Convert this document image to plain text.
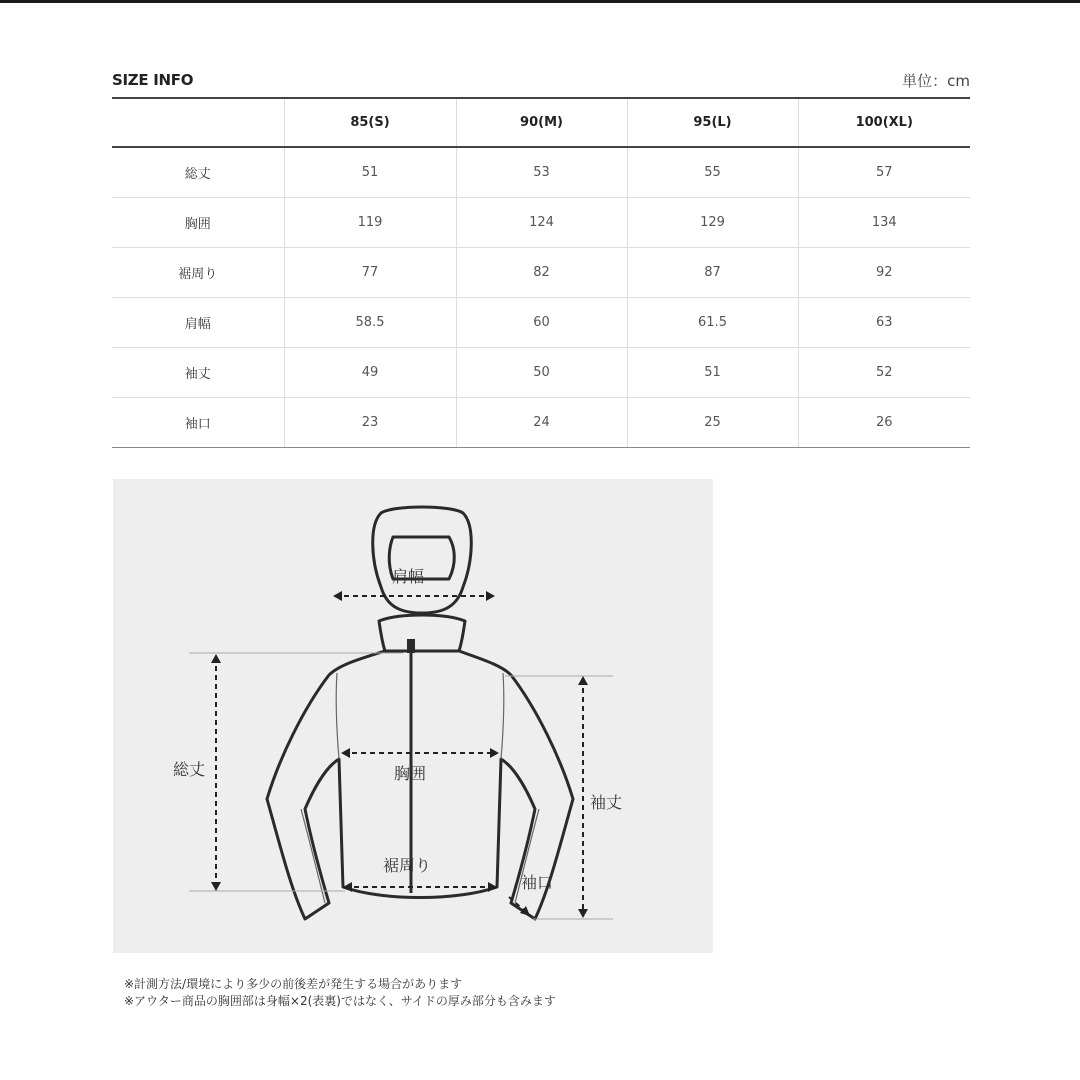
SIZE INFO	単位：cm
	85(S)	90(M)	95(L)	100(XL)
総丈	51	53	55	57
胸囲	119	124	129	134
裾周り	77	82	87	92
肩幅	58.5	60	61.5	63
袖丈	49	50	51	52
袖口	23	24	25	26
肩幅
総丈	胸囲
袖丈
裾周り
袖口
※計測方法/環境により多少の前後差が発生する場合があります
※アウター商品の胸囲部は身幅×2(表裏)ではなく、サイドの厚み部分も含みます
